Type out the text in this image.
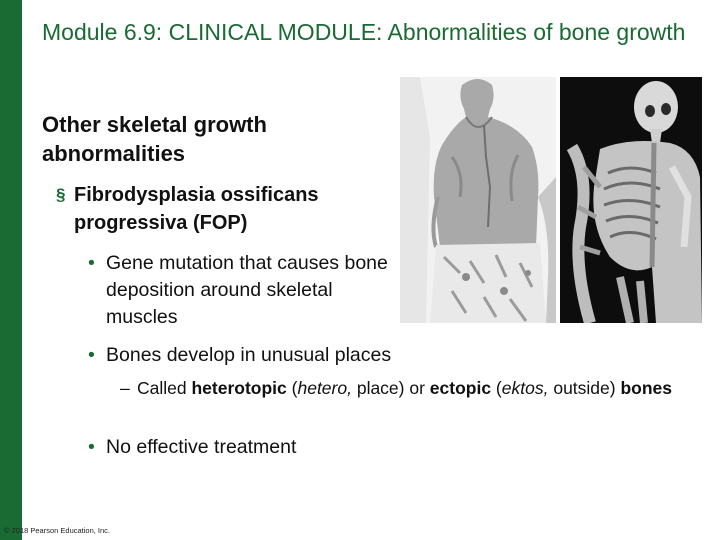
Module 6.9: CLINICAL MODULE: Abnormalities of bone growth
Other skeletal growth abnormalities
§ Fibrodysplasia ossificans progressiva (FOP)
• Gene mutation that causes bone deposition around skeletal muscles
• Bones develop in unusual places
– Called heterotopic (hetero, place) or ectopic (ektos, outside) bones
• No effective treatment
© 2018 Pearson Education, Inc.
